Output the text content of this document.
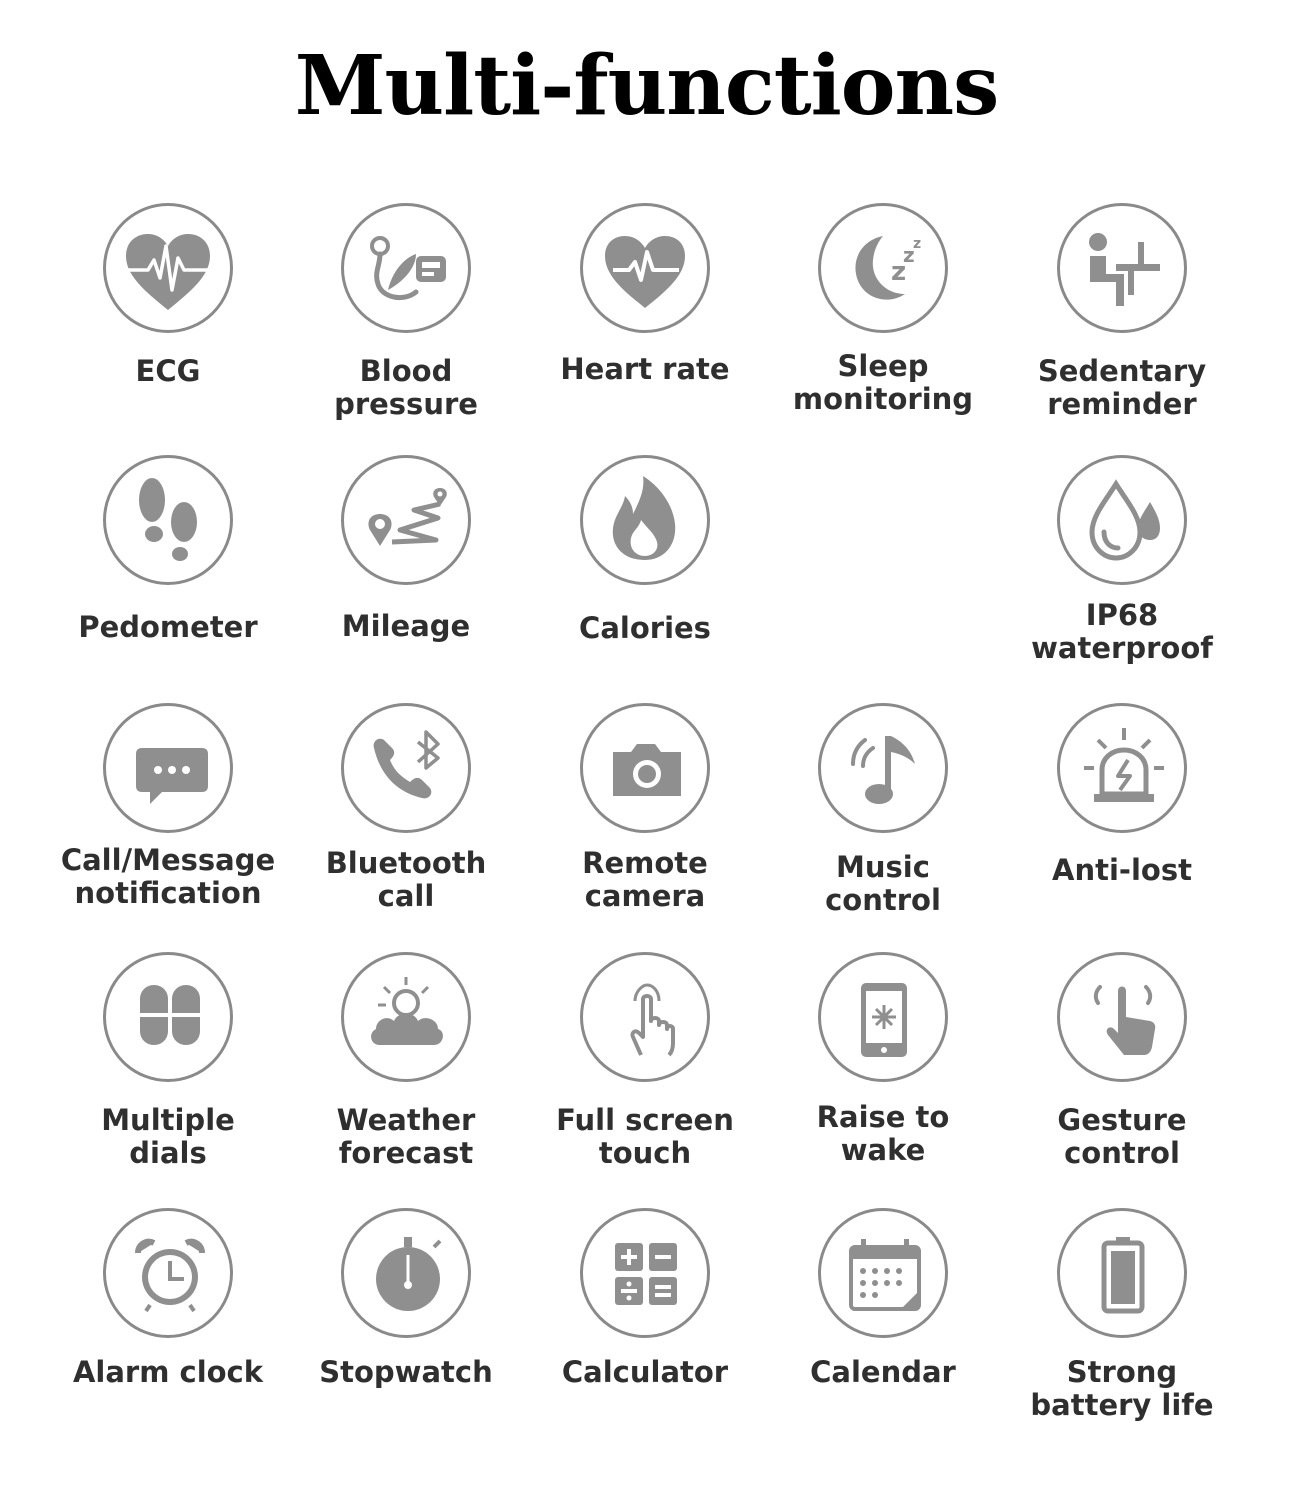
Multi-functions
ECG	Blood
pressure
Heart rate
z
z
z
Sleep
monitoring
Sedentary
reminder
Pedometer	Mileage	Calories	IP68
waterproof
Call/Message
notification
Bluetooth
call
Remote
camera
Music
control
Anti-lost
Multiple
dials
Weather
forecast
Full screen
touch
Raise to
wake
Gesture
control
Alarm clock	Stopwatch	Calculator	Calendar	Strong
battery life
